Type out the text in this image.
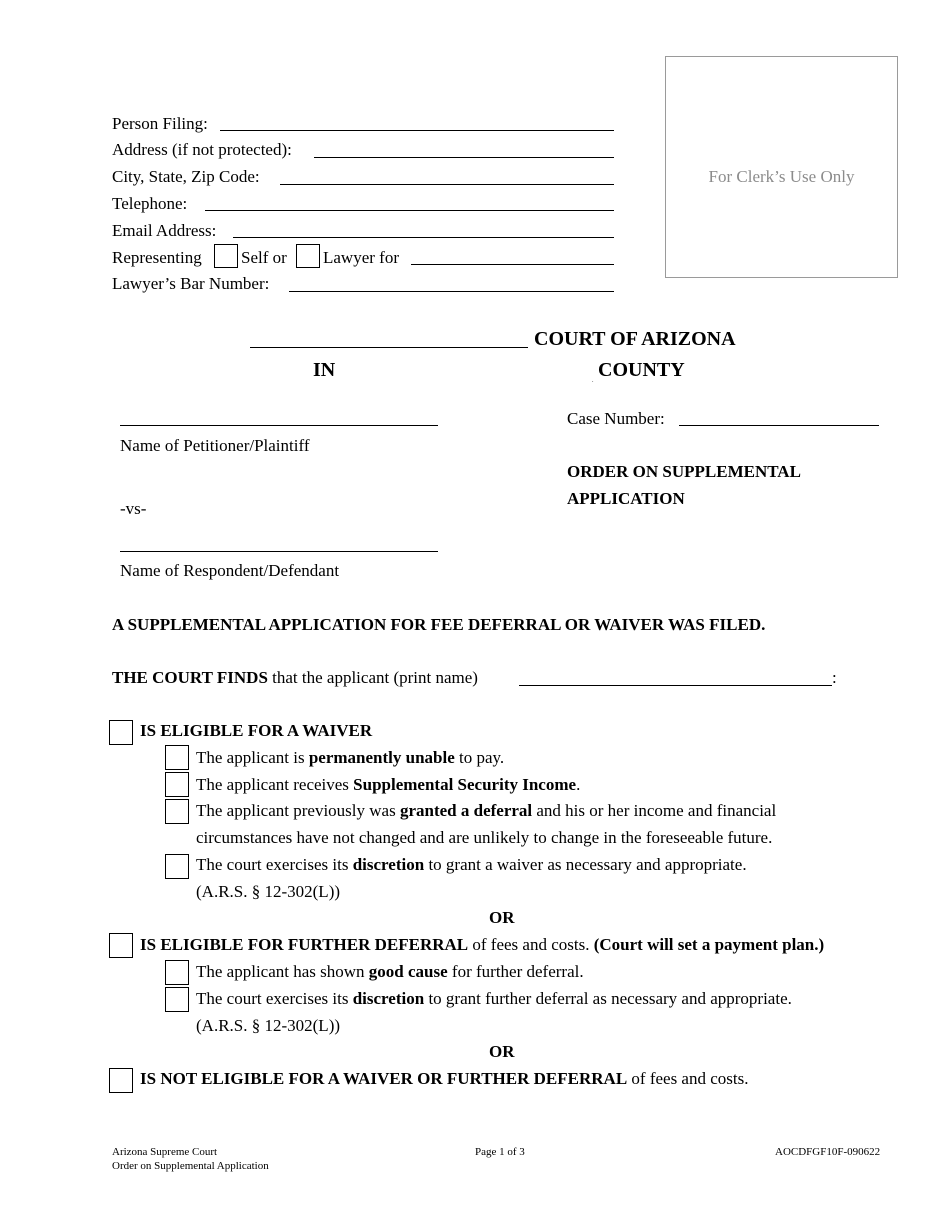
Person Filing:
Address (if not protected):
City, State, Zip Code:
Telephone:
Email Address:
Representing Self or Lawyer for
Lawyer’s Bar Number:
For Clerk’s Use Only
COURT OF ARIZONA
IN	. COUNTY
Name of Petitioner/Plaintiff
-vs-
Name of Respondent/Defendant
Case Number:
ORDER ON SUPPLEMENTAL
APPLICATION
A SUPPLEMENTAL APPLICATION FOR FEE DEFERRAL OR WAIVER WAS FILED.
THE COURT FINDS that the applicant (print name)	:
IS ELIGIBLE FOR A WAIVER
The applicant is permanently unable to pay.
The applicant receives Supplemental Security Income.
The applicant previously was granted a deferral and his or her income and financial
circumstances have not changed and are unlikely to change in the foreseeable future.
The court exercises its discretion to grant a waiver as necessary and appropriate.
(A.R.S. § 12-302(L))
OR
IS ELIGIBLE FOR FURTHER DEFERRAL of fees and costs. (Court will set a payment plan.)
The applicant has shown good cause for further deferral.
The court exercises its discretion to grant further deferral as necessary and appropriate.
(A.R.S. § 12-302(L))
OR
IS NOT ELIGIBLE FOR A WAIVER OR FURTHER DEFERRAL of fees and costs.
Arizona Supreme Court
Order on Supplemental Application
Page 1 of 3	AOCDFGF10F-090622
